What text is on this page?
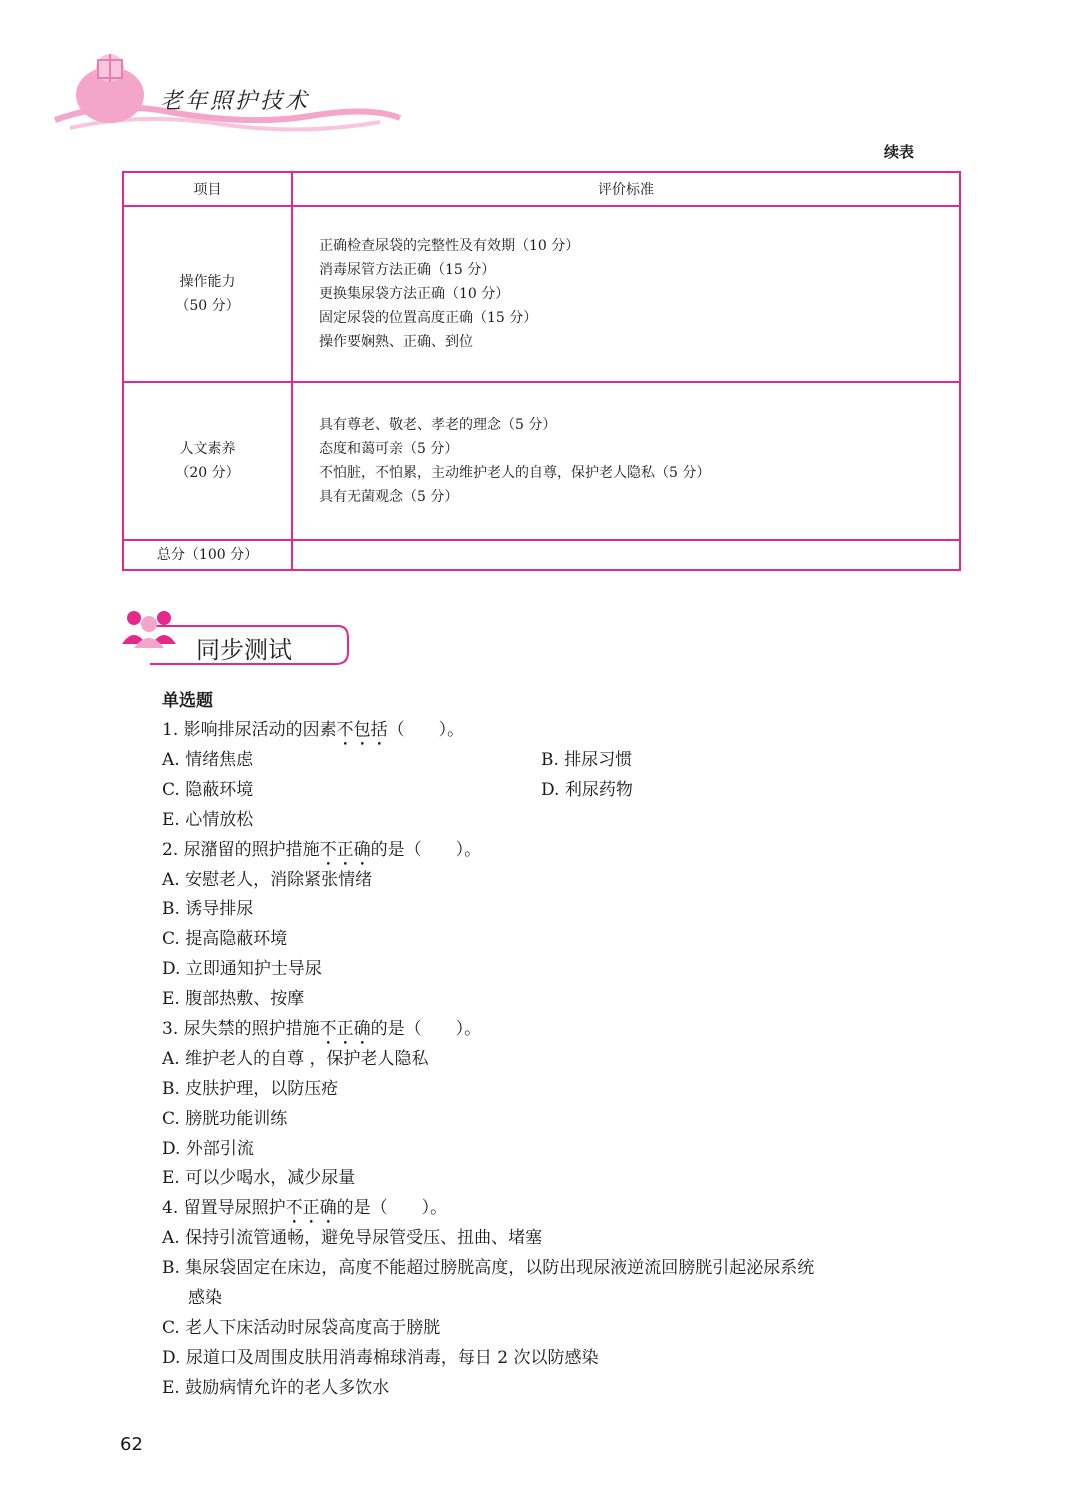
老年照护技术
续表
项目	评价标准

操作能力
（50 分）	正确检查尿袋的完整性及有效期（10 分）
消毒尿管方法正确（15 分）
更换集尿袋方法正确（10 分）
固定尿袋的位置高度正确（15 分）
操作要娴熟、正确、到位

人文素养
（20 分）	具有尊老、敬老、孝老的理念（5 分）
态度和蔼可亲（5 分）
不怕脏，不怕累，主动维护老人的自尊，保护老人隐私（5 分）
具有无菌观念（5 分）

总分（100 分）	
同步测试
单选题
1. 影响排尿活动的因素不包括（　　）。
A. 情绪焦虑	B. 排尿习惯
C. 隐蔽环境	D. 利尿药物
E. 心情放松
2. 尿潴留的照护措施不正确的是（　　）。
A. 安慰老人，消除紧张情绪
B. 诱导排尿
C. 提高隐蔽环境
D. 立即通知护士导尿
E. 腹部热敷、按摩
3. 尿失禁的照护措施不正确的是（　　）。
A. 维护老人的自尊 ，保护老人隐私
B. 皮肤护理，以防压疮
C. 膀胱功能训练
D. 外部引流
E. 可以少喝水，减少尿量
4. 留置导尿照护不正确的是（　　）。
A. 保持引流管通畅，避免导尿管受压、扭曲、堵塞
B. 集尿袋固定在床边，高度不能超过膀胱高度，以防出现尿液逆流回膀胱引起泌尿系统
感染
C. 老人下床活动时尿袋高度高于膀胱
D. 尿道口及周围皮肤用消毒棉球消毒，每日 2 次以防感染
E. 鼓励病情允许的老人多饮水
62
